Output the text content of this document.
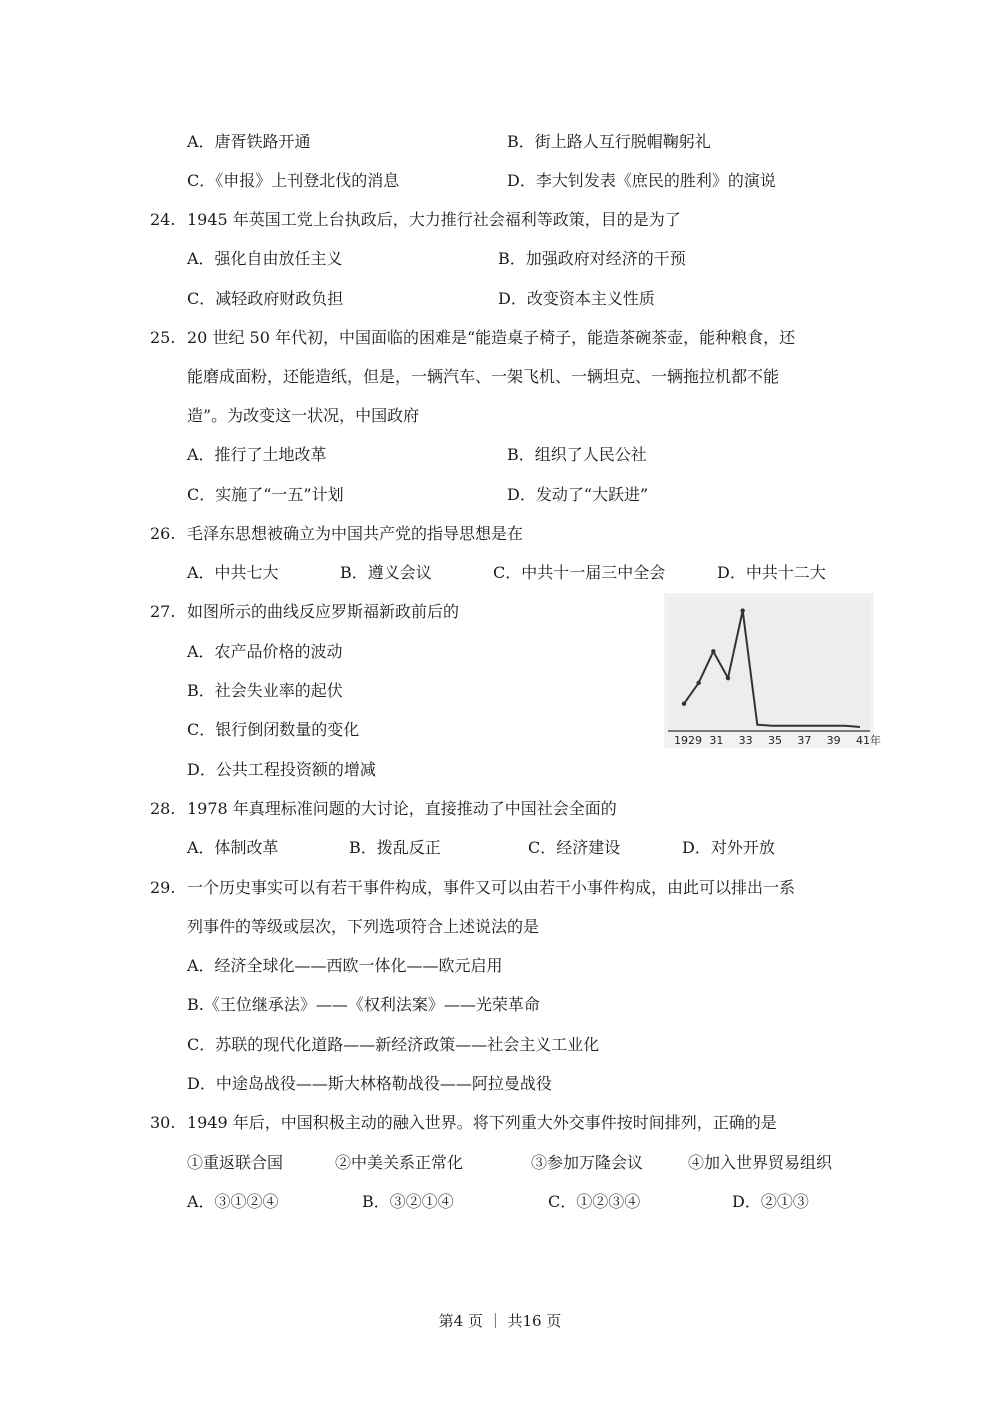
A．唐胥铁路开通	B．街上路人互行脱帽鞠躬礼
C．《申报》上刊登北伐的消息	D．李大钊发表《庶民的胜利》的演说
24. 1945 年英国工党上台执政后，大力推行社会福利等政策，目的是为了
A．强化自由放任主义	B．加强政府对经济的干预
C．减轻政府财政负担	D．改变资本主义性质
25. 20 世纪 50 年代初，中国面临的困难是“能造桌子椅子，能造茶碗茶壶，能种粮食，还
能磨成面粉，还能造纸，但是，一辆汽车、一架飞机、一辆坦克、一辆拖拉机都不能
造”。为改变这一状况，中国政府
A．推行了土地改革	B．组织了人民公社
C．实施了“一五”计划	D．发动了“大跃进”
26. 毛泽东思想被确立为中国共产党的指导思想是在
A．中共七大	B．遵义会议	C．中共十一届三中全会	D．中共十二大
27. 如图所示的曲线反应罗斯福新政前后的
A．农产品价格的波动
B．社会失业率的起伏
C．银行倒闭数量的变化
D．公共工程投资额的增减
1929 31 33 35 37 39 41年
28. 1978 年真理标准问题的大讨论，直接推动了中国社会全面的
A．体制改革	B．拨乱反正	C．经济建设	D．对外开放
29. 一个历史事实可以有若干事件构成，事件又可以由若干小事件构成，由此可以排出一系
列事件的等级或层次，下列选项符合上述说法的是
A．经济全球化——西欧一体化——欧元启用
B.《王位继承法》——《权利法案》——光荣革命
C．苏联的现代化道路——新经济政策——社会主义工业化
D．中途岛战役——斯大林格勒战役——阿拉曼战役
30. 1949 年后，中国积极主动的融入世界。将下列重大外交事件按时间排列，正确的是
①重返联合国	②中美关系正常化	③参加万隆会议	④加入世界贸易组织
A．③①②④	B．③②①④	C．①②③④	D．②①③
第4 页 ｜ 共16 页
